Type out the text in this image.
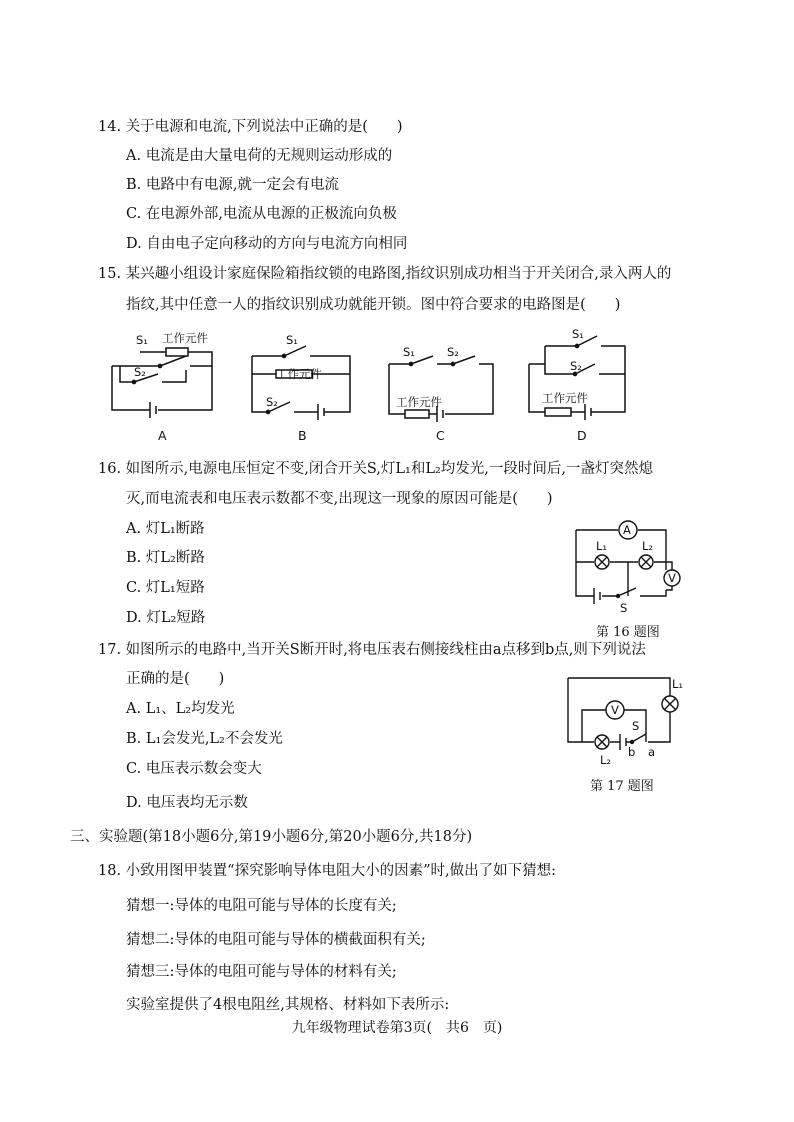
14. 关于电源和电流,下列说法中正确的是(　　)
A. 电流是由大量电荷的无规则运动形成的
B. 电路中有电源,就一定会有电流
C. 在电源外部,电流从电源的正极流向负极
D. 自由电子定向移动的方向与电流方向相同
15. 某兴趣小组设计家庭保险箱指纹锁的电路图,指纹识别成功相当于开关闭合,录入两人的
指纹,其中任意一人的指纹识别成功就能开锁。图中符合要求的电路图是(　　)
S₁ 工作元件
S₂
S₁
工作元件
S₂
S₁	S₂
工作元件
S₁
S₂
工作元件
A	B	C	D
16. 如图所示,电源电压恒定不变,闭合开关S,灯L₁和L₂均发光,一段时间后,一盏灯突然熄
灭,而电流表和电压表示数都不变,出现这一现象的原因可能是(　　)
A. 灯L₁断路
B. 灯L₂断路
C. 灯L₁短路
D. 灯L₂短路
A
V
L₁	L₂
S
第 16 题图
17. 如图所示的电路中,当开关S断开时,将电压表右侧接线柱由a点移到b点,则下列说法
正确的是(　　)
A. L₁、L₂均发光
B. L₁会发光,L₂不会发光
C. 电压表示数会变大
D. 电压表均无示数
V
L₁
L₂
S
b a
第 17 题图
三、实验题(第18小题6分,第19小题6分,第20小题6分,共18分)
18. 小致用图甲装置“探究影响导体电阻大小的因素”时,做出了如下猜想:
猜想一:导体的电阻可能与导体的长度有关;
猜想二:导体的电阻可能与导体的横截面积有关;
猜想三:导体的电阻可能与导体的材料有关;
实验室提供了4根电阻丝,其规格、材料如下表所示:
九年级物理试卷第3页(　共6　页)
